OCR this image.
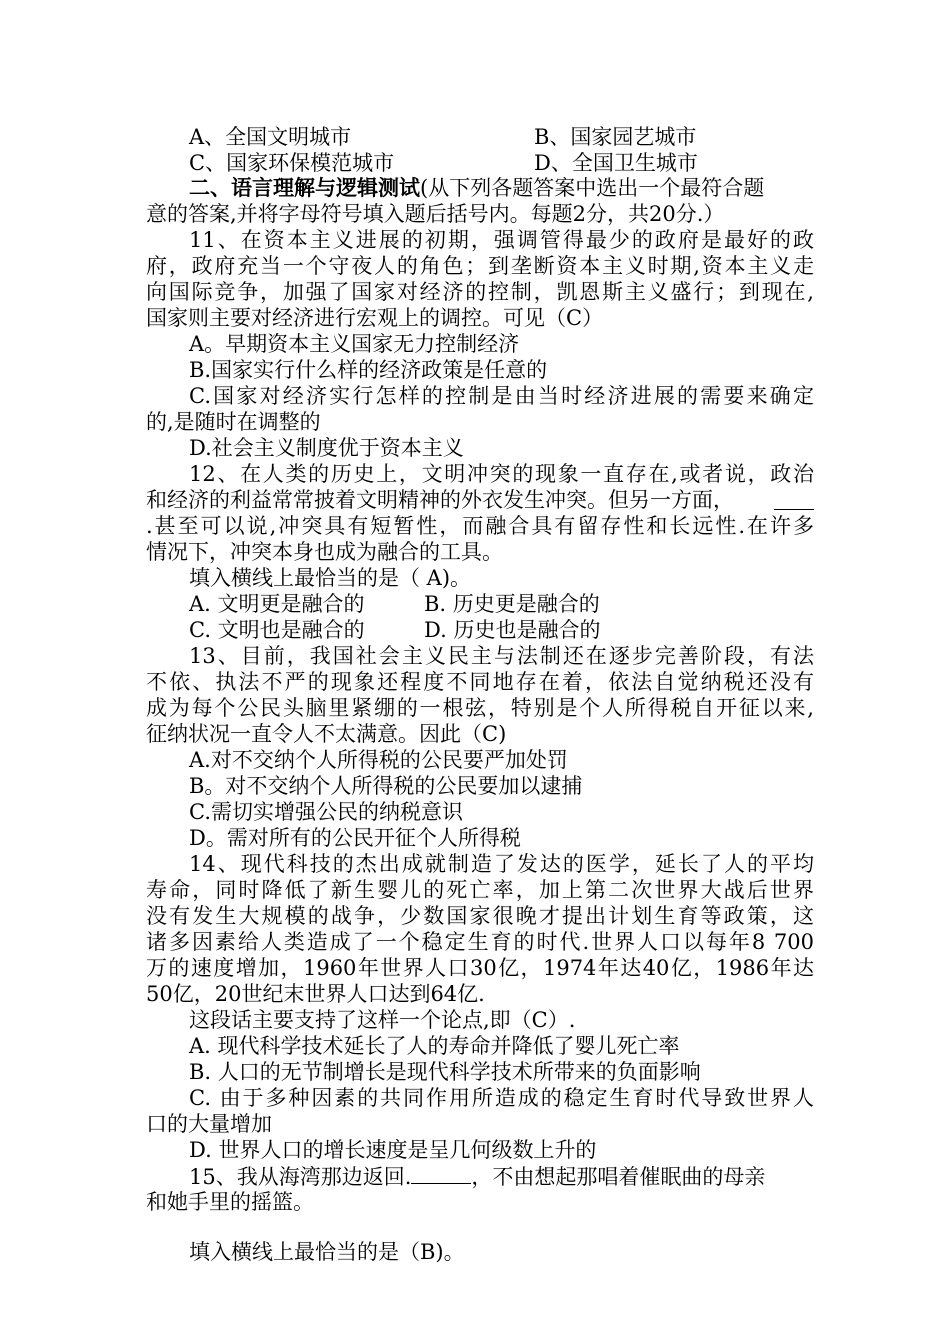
A、全国文明城市	B、国家园艺城市
C、国家环保模范城市	D、全国卫生城市
二、语言理解与逻辑测试(从下列各题答案中选出一个最符合题
意的答案,并将字母符号填入题后括号内。每题2分，共20分.）
11、在资本主义进展的初期，强调管得最少的政府是最好的政
府，政府充当一个守夜人的角色；到垄断资本主义时期,资本主义走
向国际竞争，加强了国家对经济的控制，凯恩斯主义盛行；到现在,
国家则主要对经济进行宏观上的调控。可见（C）
A。早期资本主义国家无力控制经济
B.国家实行什么样的经济政策是任意的
C.国家对经济实行怎样的控制是由当时经济进展的需要来确定
的,是随时在调整的
D.社会主义制度优于资本主义
12、在人类的历史上，文明冲突的现象一直存在,或者说，政治
和经济的利益常常披着文明精神的外衣发生冲突。但另一方面，
.甚至可以说,冲突具有短暂性，而融合具有留存性和长远性.在许多
情况下，冲突本身也成为融合的工具。
填入横线上最恰当的是（ A)。
A. 文明更是融合的	B. 历史更是融合的
C. 文明也是融合的	D. 历史也是融合的
13、目前，我国社会主义民主与法制还在逐步完善阶段，有法
不依、执法不严的现象还程度不同地存在着，依法自觉纳税还没有
成为每个公民头脑里紧绷的一根弦，特别是个人所得税自开征以来,
征纳状况一直令人不太满意。因此（C)
A.对不交纳个人所得税的公民要严加处罚
B。对不交纳个人所得税的公民要加以逮捕
C.需切实增强公民的纳税意识
D。需对所有的公民开征个人所得税
14、现代科技的杰出成就制造了发达的医学，延长了人的平均
寿命，同时降低了新生婴儿的死亡率，加上第二次世界大战后世界
没有发生大规模的战争，少数国家很晚才提出计划生育等政策，这
诸多因素给人类造成了一个稳定生育的时代.世界人口以每年8 700
万的速度增加，1960年世界人口30亿，1974年达40亿，1986年达
50亿，20世纪末世界人口达到64亿.
这段话主要支持了这样一个论点,即（C）.
A. 现代科学技术延长了人的寿命并降低了婴儿死亡率
B. 人口的无节制增长是现代科学技术所带来的负面影响
C. 由于多种因素的共同作用所造成的稳定生育时代导致世界人
口的大量增加
D. 世界人口的增长速度是呈几何级数上升的
15、我从海湾那边返回.	，不由想起那唱着催眠曲的母亲
和她手里的摇篮。
填入横线上最恰当的是（B)。
